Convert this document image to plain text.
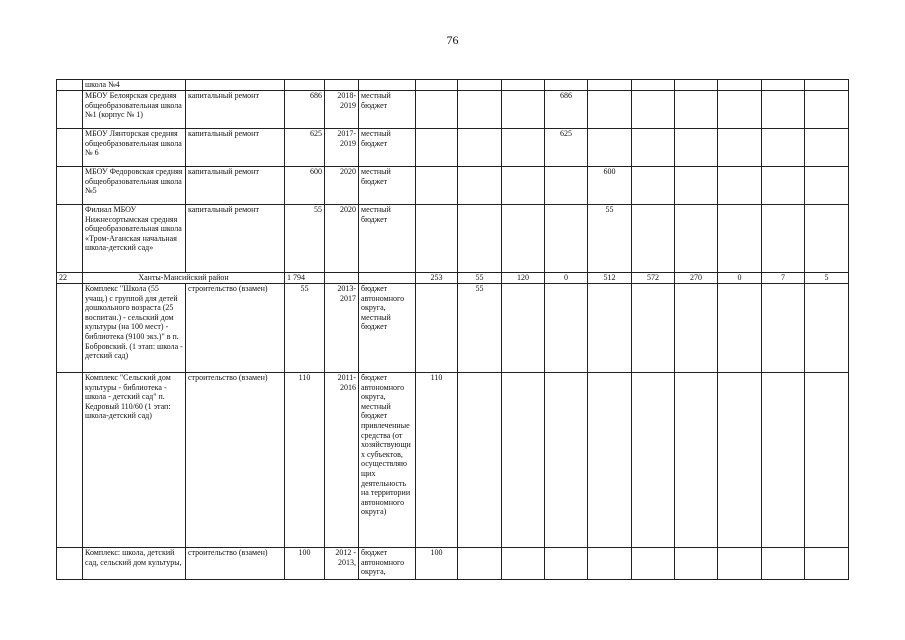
76
	школа №4															
	МБОУ Белоярская средняя общеобразовательная школа №1 (корпус № 1)	капитальный ремонт	686	2018-2019	местный бюджет				686							
	МБОУ Лянторская средняя общеобразовательная школа № 6	капитальный ремонт	625	2017-2019	местный бюджет				625							
	МБОУ Федоровская средняя общеобразовательная школа №5	капитальный ремонт	600	2020	местный бюджет					600						
	Филиал МБОУ Нижнесортымская средняя общеобразовательная школа «Тром-Аганская начальная школа-детский сад»	капитальный ремонт	55	2020	местный бюджет					55						
22	Ханты-Мансийский район		1 794			253	55	120	0	512	572	270	0	7	5	
	Комплекс "Школа (55 учащ.) с группой для детей дошкольного возраста (25 воспитан.) - сельский дом культуры (на 100 мест) - библиотека (9100 экз.)" в п. Бобровский. (1 этап: школа - детский сад)	строительство (взамен)	55	2013-2017	бюджет автономного округа, местный бюджет		55									
	Комплекс "Сельский дом культуры - библиотека - школа - детский сад" п. Кедровый 110/60 (1 этап: школа-детский сад)	строительство (взамен)	110	2011-2016	бюджет автономного округа, местный бюджет привлеченные средства (от хозяйствующих субъектов, осуществляющих деятельность на территории автономного округа)	110										
	Комплекс: школа, детский сад, сельский дом культуры,	строительство (взамен)	100	2012 - 2013,	бюджет автономного округа,	100										
